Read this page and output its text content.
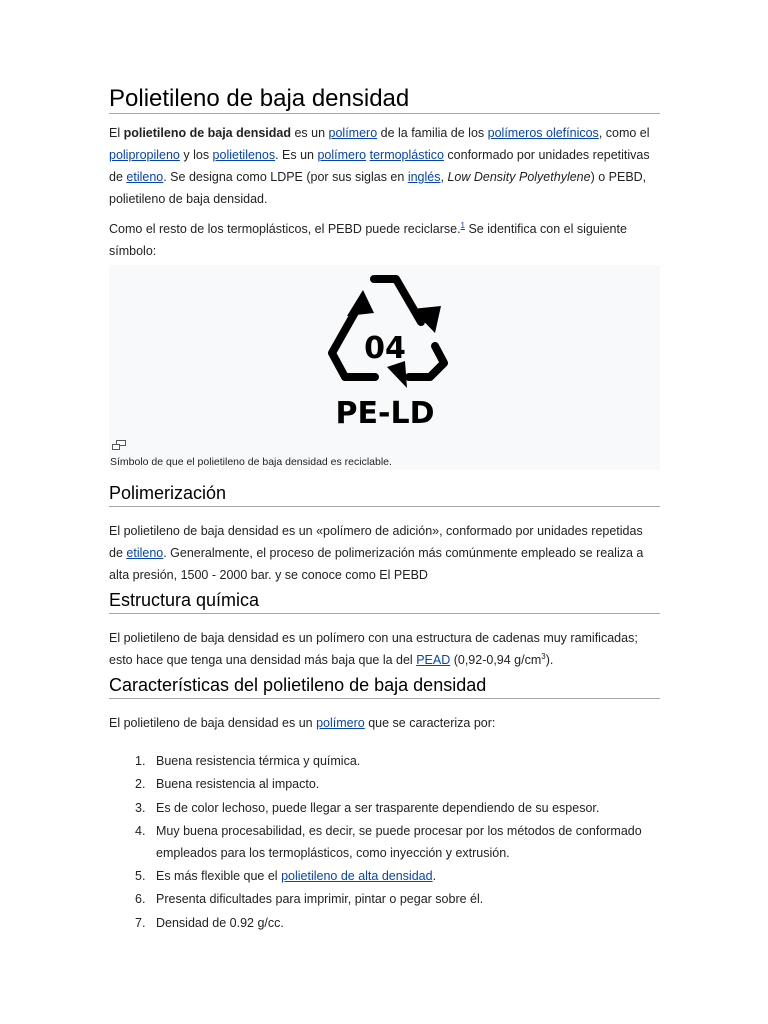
Polietileno de baja densidad

El polietileno de baja densidad es un polímero de la familia de los polímeros olefínicos, como el polipropileno y los polietilenos. Es un polímero termoplástico conformado por unidades repetitivas de etileno. Se designa como LDPE (por sus siglas en inglés, Low Density Polyethylene) o PEBD, polietileno de baja densidad.

Como el resto de los termoplásticos, el PEBD puede reciclarse.$^1$ Se identifica con el siguiente símbolo:

04
PE-LD
Símbolo de que el polietileno de baja densidad es reciclable.
Polimerización

El polietileno de baja densidad es un «polímero de adición», conformado por unidades repetidas de etileno. Generalmente, el proceso de polimerización más comúnmente empleado se realiza a alta presión, 1500 - 2000 bar. y se conoce como El PEBD

Estructura química

El polietileno de baja densidad es un polímero con una estructura de cadenas muy ramificadas; esto hace que tenga una densidad más baja que la del PEAD (0,92-0,94 $g/cm^3$).

Características del polietileno de baja densidad

El polietileno de baja densidad es un polímero que se caracteriza por:

1. Buena resistencia térmica y química.
2. Buena resistencia al impacto.
3. Es de color lechoso, puede llegar a ser trasparente dependiendo de su espesor.
4. Muy buena procesabilidad, es decir, se puede procesar por los métodos de conformado empleados para los termoplásticos, como inyección y extrusión.
5. Es más flexible que el polietileno de alta densidad.
6. Presenta dificultades para imprimir, pintar o pegar sobre él.
7. Densidad de 0.92 g/cc.
